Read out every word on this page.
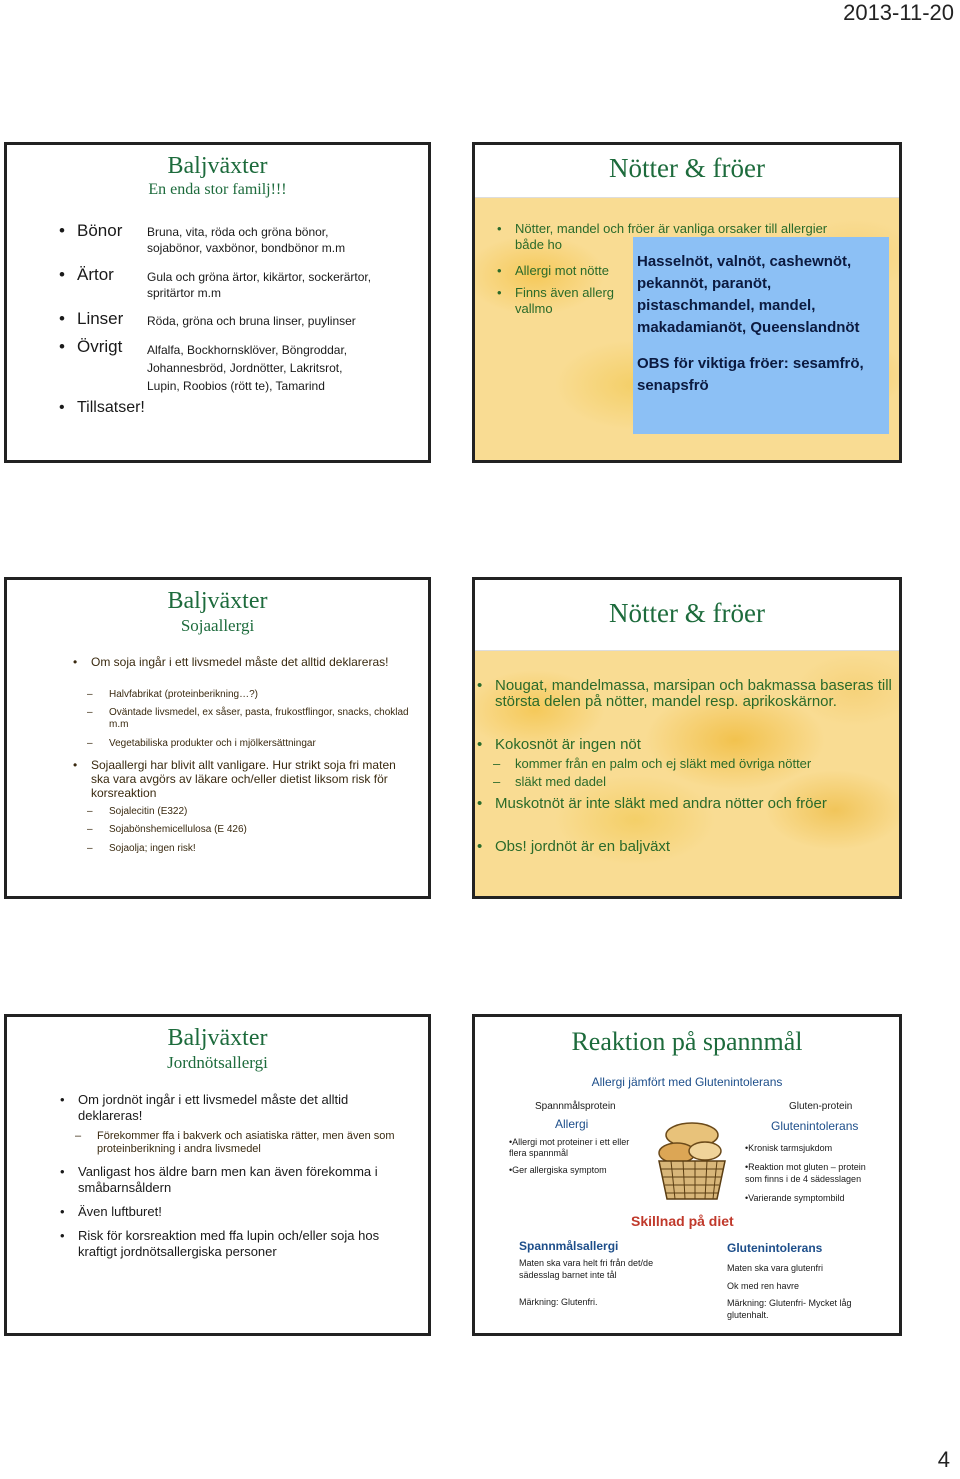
2013-11-20
Baljväxter
En enda stor familj!!!
• Bönor Bruna, vita, röda och gröna bönor,
sojabönor, vaxbönor, bondbönor m.m
• Ärtor	Gula och gröna ärtor, kikärtor, sockerärtor,
spritärtor m.m
• Linser Röda, gröna och bruna linser, puylinser
• Övrigt Alfalfa, Bockhornsklöver, Böngroddar,
Johannesbröd, Jordnötter, Lakritsrot,
Lupin, Roobios (rött te), Tamarind
• Tillsatser!
Nötter & fröer
• Nötter, mandel och fröer är vanliga orsaker till allergier både ho
• Allergi mot nötte
• Finns även allerg
vallmo
Hasselnöt, valnöt, cashewnöt,
pekannöt, paranöt,
pistaschmandel, mandel,
makadamianöt, Queenslandnöt
OBS för viktiga fröer: sesamfrö,
senapsfrö
Baljväxter
Sojaallergi
• Om soja ingår i ett livsmedel måste det alltid deklareras!
– Halvfabrikat (proteinberikning…?)
– Oväntade livsmedel, ex såser, pasta, frukostflingor, snacks, choklad m.m
– Vegetabiliska produkter och i mjölkersättningar
• Sojaallergi har blivit allt vanligare. Hur strikt soja fri maten ska vara avgörs av läkare och/eller dietist liksom risk för korsreaktion
– Sojalecitin (E322)
– Sojabönshemicellulosa (E 426)
– Sojaolja; ingen risk!
Nötter & fröer
• Nougat, mandelmassa, marsipan och bakmassa baseras till största delen på nötter, mandel resp. aprikoskärnor.
• Kokosnöt är ingen nöt
– kommer från en palm och ej släkt med övriga nötter
– släkt med dadel
• Muskotnöt är inte släkt med andra nötter och fröer
• Obs! jordnöt är en baljväxt
Baljväxter
Jordnötsallergi
• Om jordnöt ingår i ett livsmedel måste det alltid deklareras!
– Förekommer ffa i bakverk och asiatiska rätter, men även som proteinberikning i andra livsmedel
• Vanligast hos äldre barn men kan även förekomma i småbarnsåldern
• Även luftburet!
• Risk för korsreaktion med ffa lupin och/eller soja hos kraftigt jordnötsallergiska personer
Reaktion på spannmål
Allergi jämfört med Glutenintolerans
Spannmålsprotein
Allergi
•Allergi mot proteiner i ett eller flera spannmål
•Ger allergiska symptom
Gluten-protein
Glutenintolerans
•Kronisk tarmsjukdom
•Reaktion mot gluten – protein som finns i de 4 sädesslagen
•Varierande symptombild
Skillnad på diet
Spannmålsallergi
Maten ska vara helt fri från det/de sädesslag barnet inte tål
Märkning: Glutenfri.
Glutenintolerans
Maten ska vara glutenfri
Ok med ren havre
Märkning: Glutenfri- Mycket låg glutenhalt.
4
